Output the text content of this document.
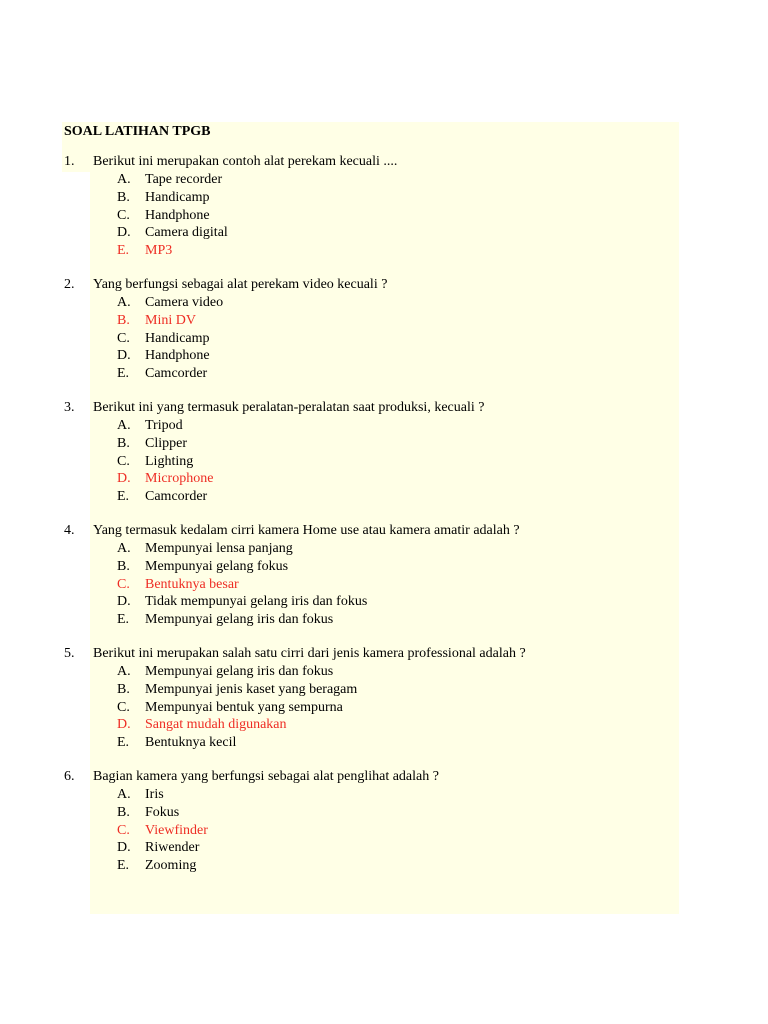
SOAL LATIHAN TPGB
1.	Berikut ini merupakan contoh alat perekam kecuali ....
A.	Tape recorder
B.	Handicamp
C.	Handphone
D.	Camera digital
E.	MP3
2.	Yang berfungsi sebagai alat perekam video kecuali ?
A.	Camera video
B.	Mini DV
C.	Handicamp
D.	Handphone
E.	Camcorder
3.	Berikut ini yang termasuk peralatan-peralatan saat produksi, kecuali ?
A.	Tripod
B.	Clipper
C.	Lighting
D.	Microphone
E.	Camcorder
4.	Yang termasuk kedalam cirri kamera Home use atau kamera amatir adalah ?
A.	Mempunyai lensa panjang
B.	Mempunyai gelang fokus
C.	Bentuknya besar
D.	Tidak mempunyai gelang iris dan fokus
E.	Mempunyai gelang iris dan fokus
5.	Berikut ini merupakan salah satu cirri dari jenis kamera professional adalah ?
A.	Mempunyai gelang iris dan fokus
B.	Mempunyai jenis kaset yang beragam
C.	Mempunyai bentuk yang sempurna
D.	Sangat mudah digunakan
E.	Bentuknya kecil
6.	Bagian kamera yang berfungsi sebagai alat penglihat adalah ?
A.	Iris
B.	Fokus
C.	Viewfinder
D.	Riwender
E.	Zooming
